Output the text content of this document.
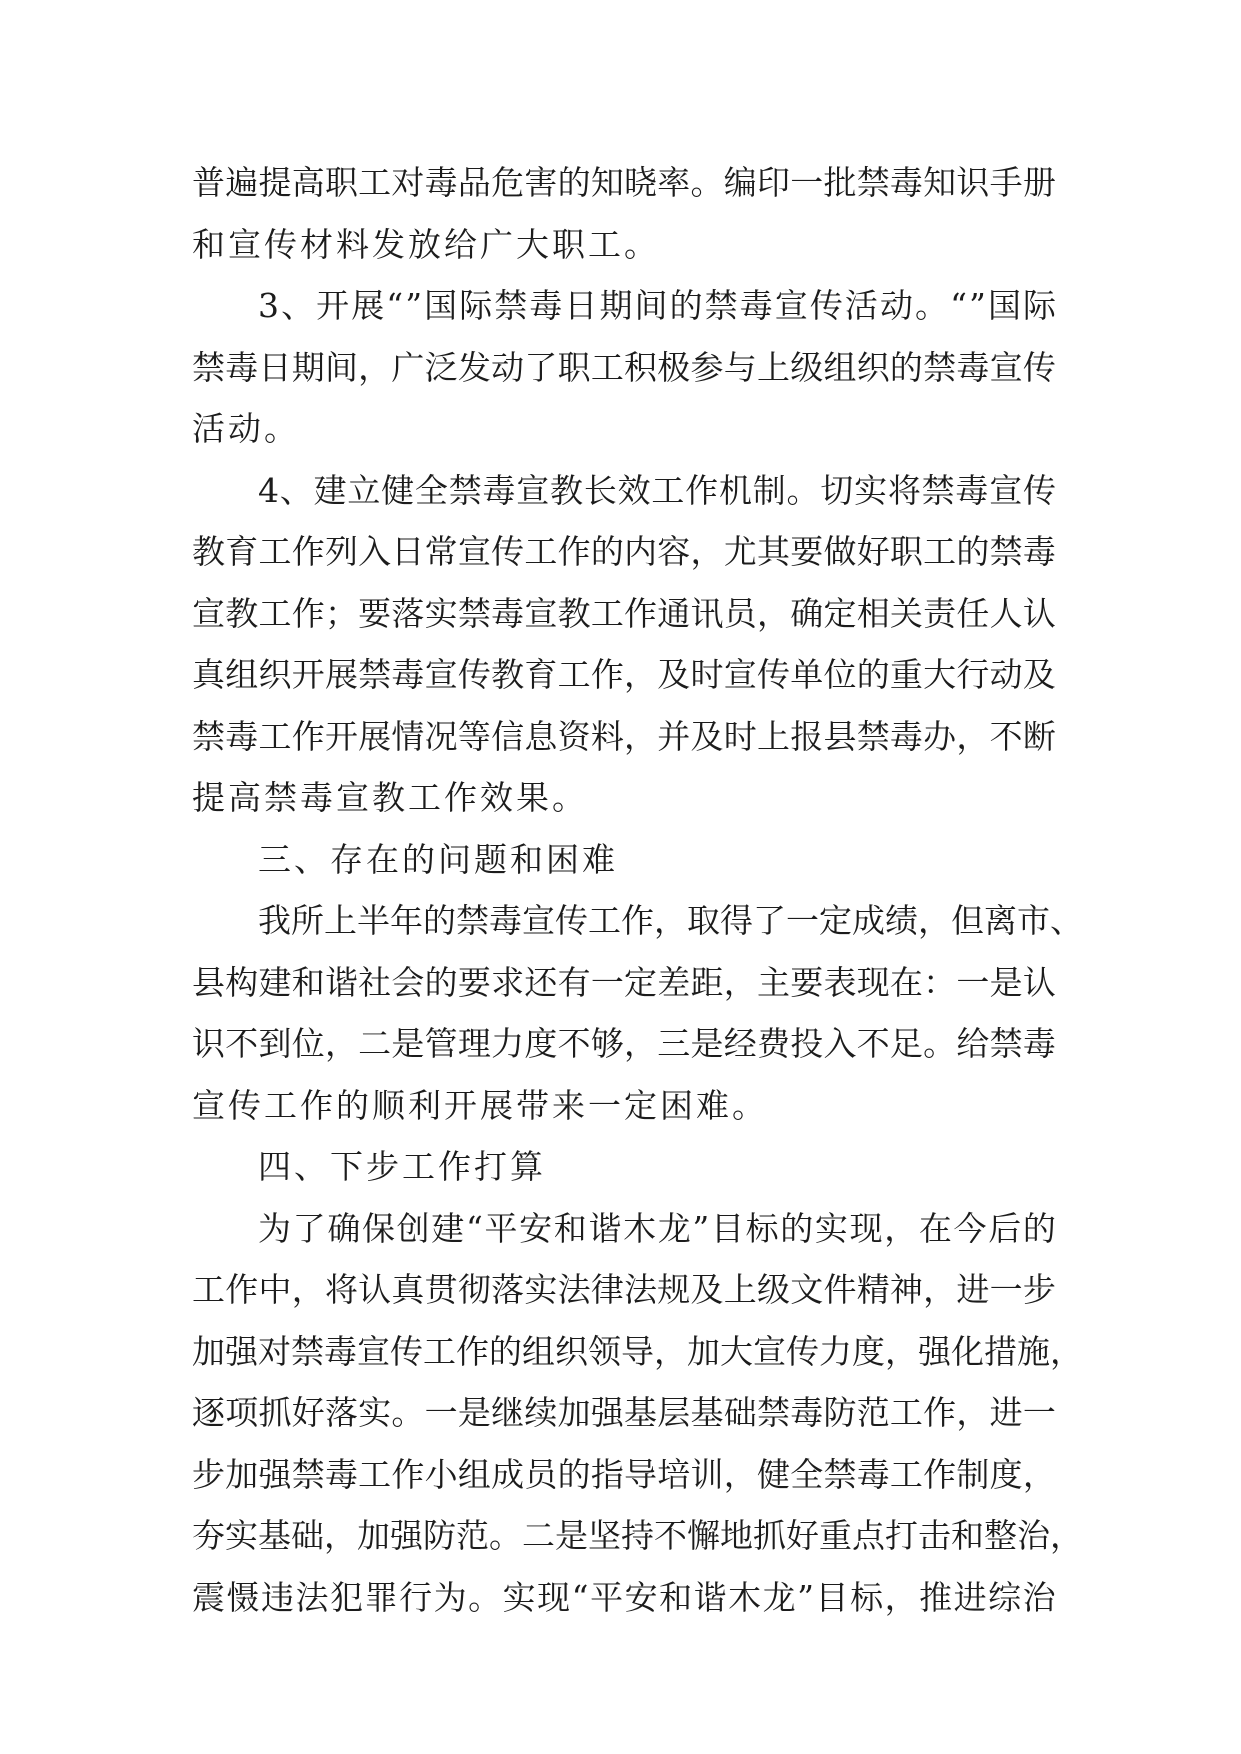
普 遍 提 高 职 工 对 毒 品 危 害 的 知 晓 率 。 编 印 一 批 禁 毒 知 识 手 册
和宣传材料发放给广大职工。
3 、 开 展 “ ” 国 际 禁 毒 日 期 间 的 禁 毒 宣 传 活 动 。 “ ” 国 际
禁 毒 日 期 间 ， 广 泛 发 动 了 职 工 积 极 参 与 上 级 组 织 的 禁 毒 宣 传
活动。
4 、 建 立 健 全 禁 毒 宣 教 长 效 工 作 机 制 。 切 实 将 禁 毒 宣 传
教 育 工 作 列 入 日 常 宣 传 工 作 的 内 容 ， 尤 其 要 做 好 职 工 的 禁 毒
宣 教 工 作 ； 要 落 实 禁 毒 宣 教 工 作 通 讯 员 ， 确 定 相 关 责 任 人 认
真 组 织 开 展 禁 毒 宣 传 教 育 工 作 ， 及 时 宣 传 单 位 的 重 大 行 动 及
禁 毒 工 作 开 展 情 况 等 信 息 资 料 ， 并 及 时 上 报 县 禁 毒 办 ， 不 断
提高禁毒宣教工作效果。
三、存在的问题和困难
我 所 上 半 年 的 禁 毒 宣 传 工 作 ， 取 得 了 一 定 成 绩 ， 但 离 市 、
县 构 建 和 谐 社 会 的 要 求 还 有 一 定 差 距 ， 主 要 表 现 在 ： 一 是 认
识 不 到 位 ， 二 是 管 理 力 度 不 够 ， 三 是 经 费 投 入 不 足 。 给 禁 毒
宣传工作的顺利开展带来一定困难。
四、下步工作打算
为 了 确 保 创 建 “ 平 安 和 谐 木 龙 ” 目 标 的 实 现 ， 在 今 后 的
工 作 中 ， 将 认 真 贯 彻 落 实 法 律 法 规 及 上 级 文 件 精 神 ， 进 一 步
加 强 对 禁 毒 宣 传 工 作 的 组 织 领 导 ， 加 大 宣 传 力 度 ， 强 化 措 施 ，
逐 项 抓 好 落 实 。 一 是 继 续 加 强 基 层 基 础 禁 毒 防 范 工 作 ， 进 一
步 加 强 禁 毒 工 作 小 组 成 员 的 指 导 培 训 ， 健 全 禁 毒 工 作 制 度 ，
夯 实 基 础 ， 加 强 防 范 。 二 是 坚 持 不 懈 地 抓 好 重 点 打 击 和 整 治 ，
震 慑 违 法 犯 罪 行 为 。 实 现 “ 平 安 和 谐 木 龙 ” 目 标 ， 推 进 综 治
